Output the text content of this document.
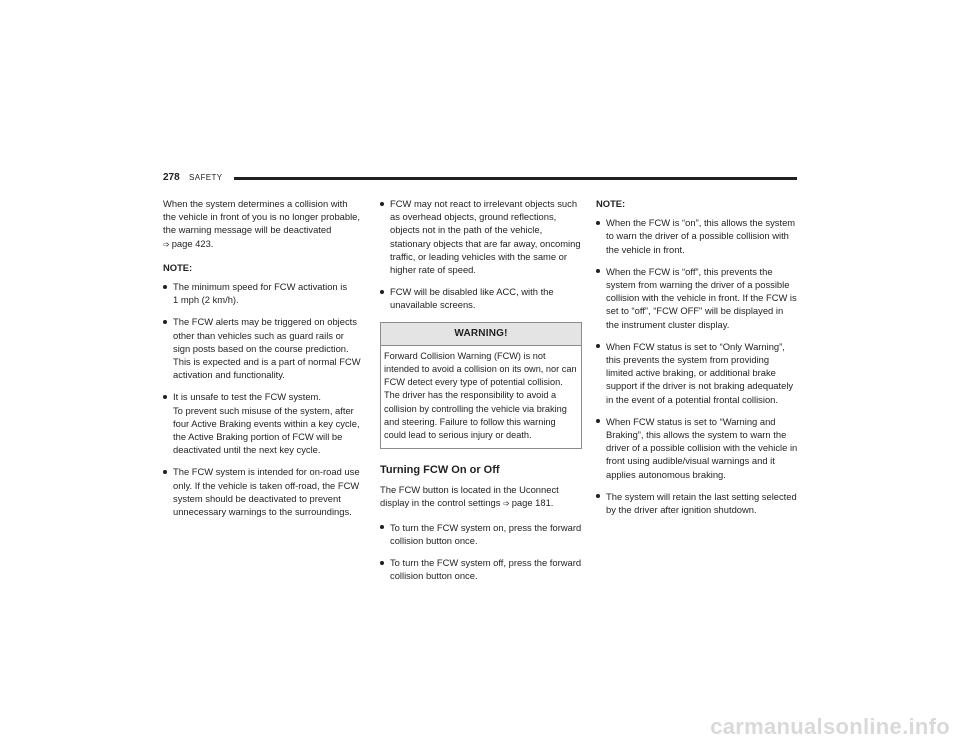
278 SAFETY

When the system determines a collision with the vehicle in front of you is no longer probable, the warning message will be deactivated
➩ page 423.

NOTE:

The minimum speed for FCW activation is
1 mph (2 km/h).
The FCW alerts may be triggered on objects other than vehicles such as guard rails or sign posts based on the course prediction. This is expected and is a part of normal FCW activation and functionality.
It is unsafe to test the FCW system.
To prevent such misuse of the system, after four Active Braking events within a key cycle, the Active Braking portion of FCW will be deactivated until the next key cycle.
The FCW system is intended for on-road use only. If the vehicle is taken off-road, the FCW system should be deactivated to prevent unnecessary warnings to the surroundings.
FCW may not react to irrelevant objects such as overhead objects, ground reflections, objects not in the path of the vehicle, stationary objects that are far away, oncoming traffic, or leading vehicles with the same or higher rate of speed.
FCW will be disabled like ACC, with the unavailable screens.
WARNING!
Forward Collision Warning (FCW) is not intended to avoid a collision on its own, nor can FCW detect every type of potential collision. The driver has the responsibility to avoid a collision by controlling the vehicle via braking and steering. Failure to follow this warning could lead to serious injury or death.
Turning FCW On or Off

The FCW button is located in the Uconnect display in the control settings ➩ page 181.

To turn the FCW system on, press the forward collision button once.
To turn the FCW system off, press the forward collision button once.

NOTE:

When the FCW is “on”, this allows the system to warn the driver of a possible collision with the vehicle in front.
When the FCW is “off”, this prevents the system from warning the driver of a possible collision with the vehicle in front. If the FCW is set to “off”, “FCW OFF" will be displayed in the instrument cluster display.
When FCW status is set to “Only Warning”, this prevents the system from providing limited active braking, or additional brake support if the driver is not braking adequately in the event of a potential frontal collision.
When FCW status is set to “Warning and Braking”, this allows the system to warn the driver of a possible collision with the vehicle in front using audible/visual warnings and it applies autonomous braking.
The system will retain the last setting selected by the driver after ignition shutdown.
carmanualsonline.info
